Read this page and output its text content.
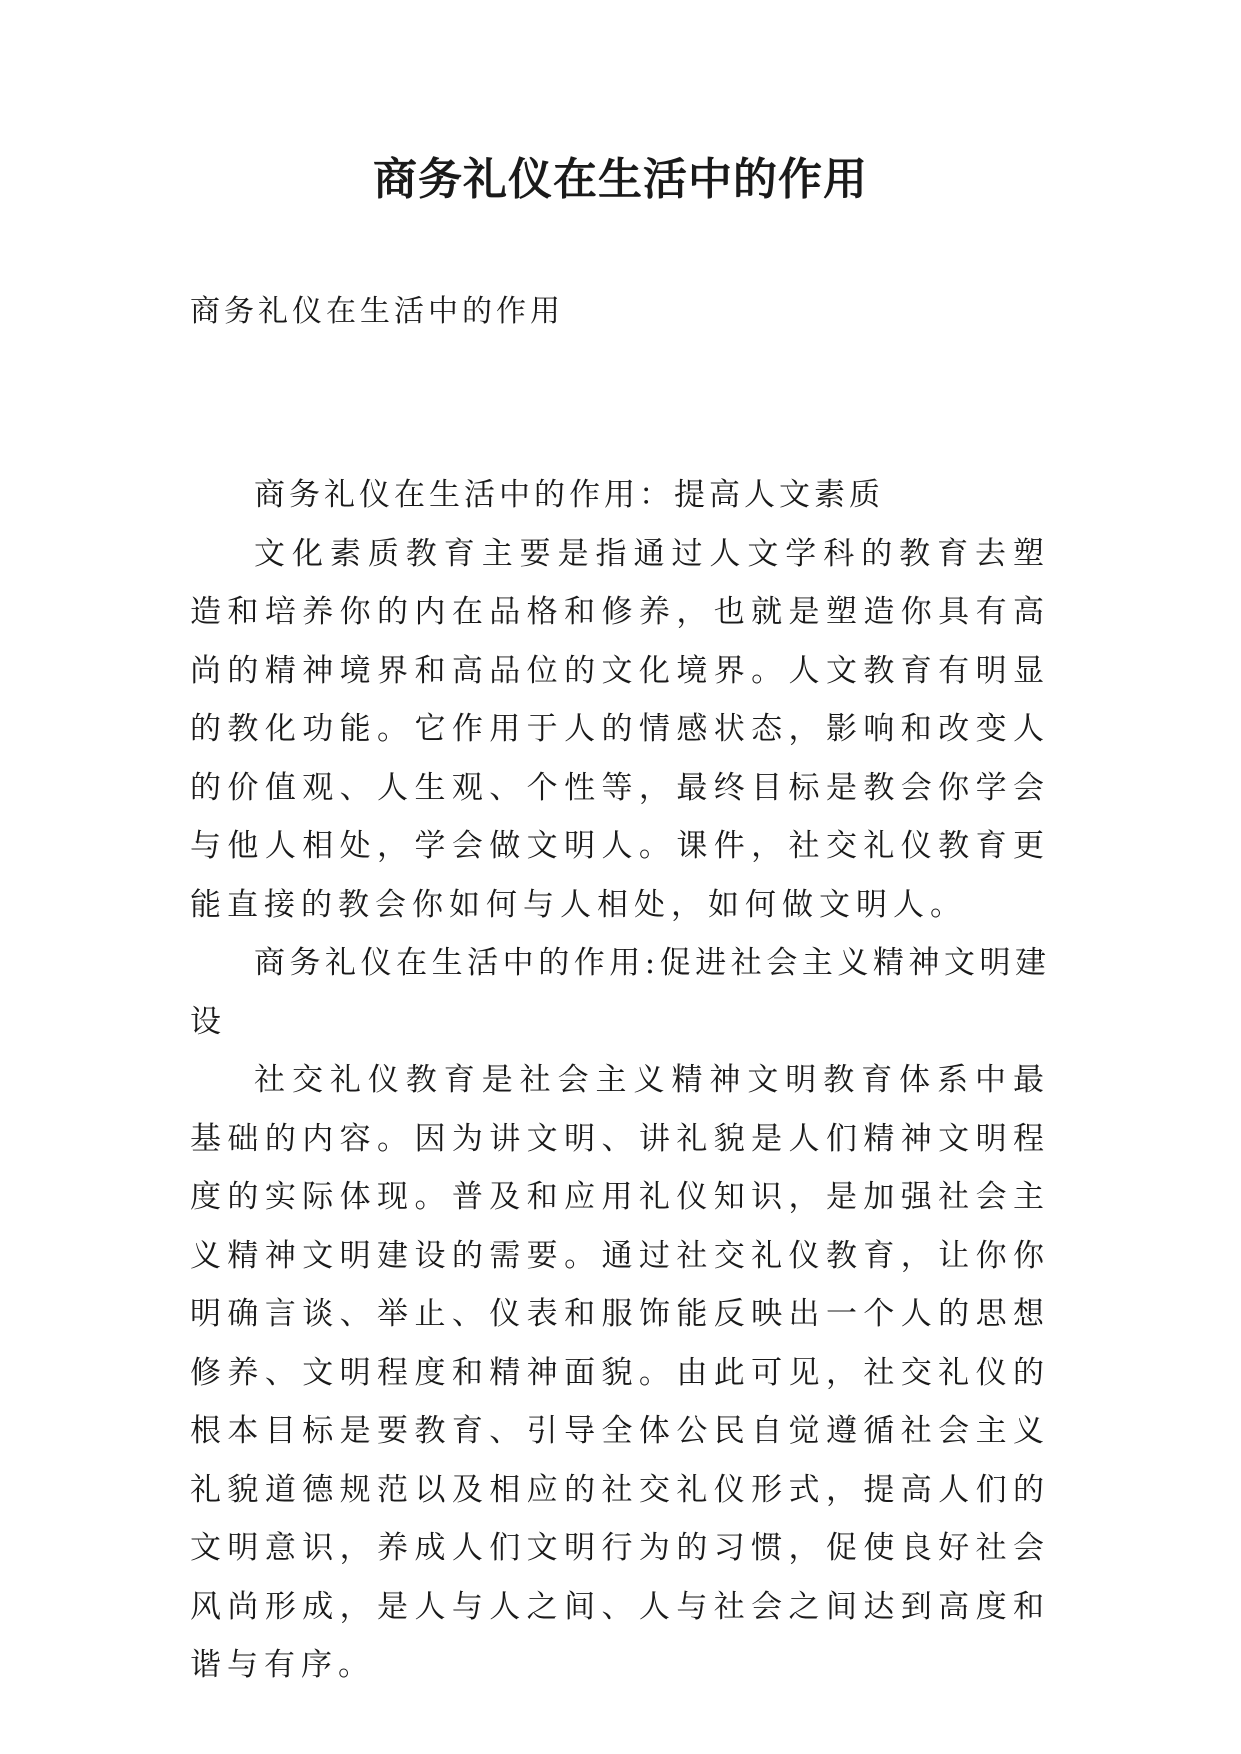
商务礼仪在生活中的作用
商务礼仪在生活中的作用

商务礼仪在生活中的作用：提高人文素质

文化素质教育主要是指通过人文学科的教育去塑造和培养你的内在品格和修养，也就是塑造你具有高尚的精神境界和高品位的文化境界。人文教育有明显的教化功能。它作用于人的情感状态，影响和改变人的价值观、人生观、个性等，最终目标是教会你学会与他人相处，学会做文明人。课件，社交礼仪教育更能直接的教会你如何与人相处，如何做文明人。

商务礼仪在生活中的作用:促进社会主义精神文明建设

社交礼仪教育是社会主义精神文明教育体系中最基础的内容。因为讲文明、讲礼貌是人们精神文明程度的实际体现。普及和应用礼仪知识，是加强社会主义精神文明建设的需要。通过社交礼仪教育，让你你明确言谈、举止、仪表和服饰能反映出一个人的思想修养、文明程度和精神面貌。由此可见，社交礼仪的根本目标是要教育、引导全体公民自觉遵循社会主义礼貌道德规范以及相应的社交礼仪形式，提高人们的文明意识，养成人们文明行为的习惯，促使良好社会风尚形成，是人与人之间、人与社会之间达到高度和谐与有序。
